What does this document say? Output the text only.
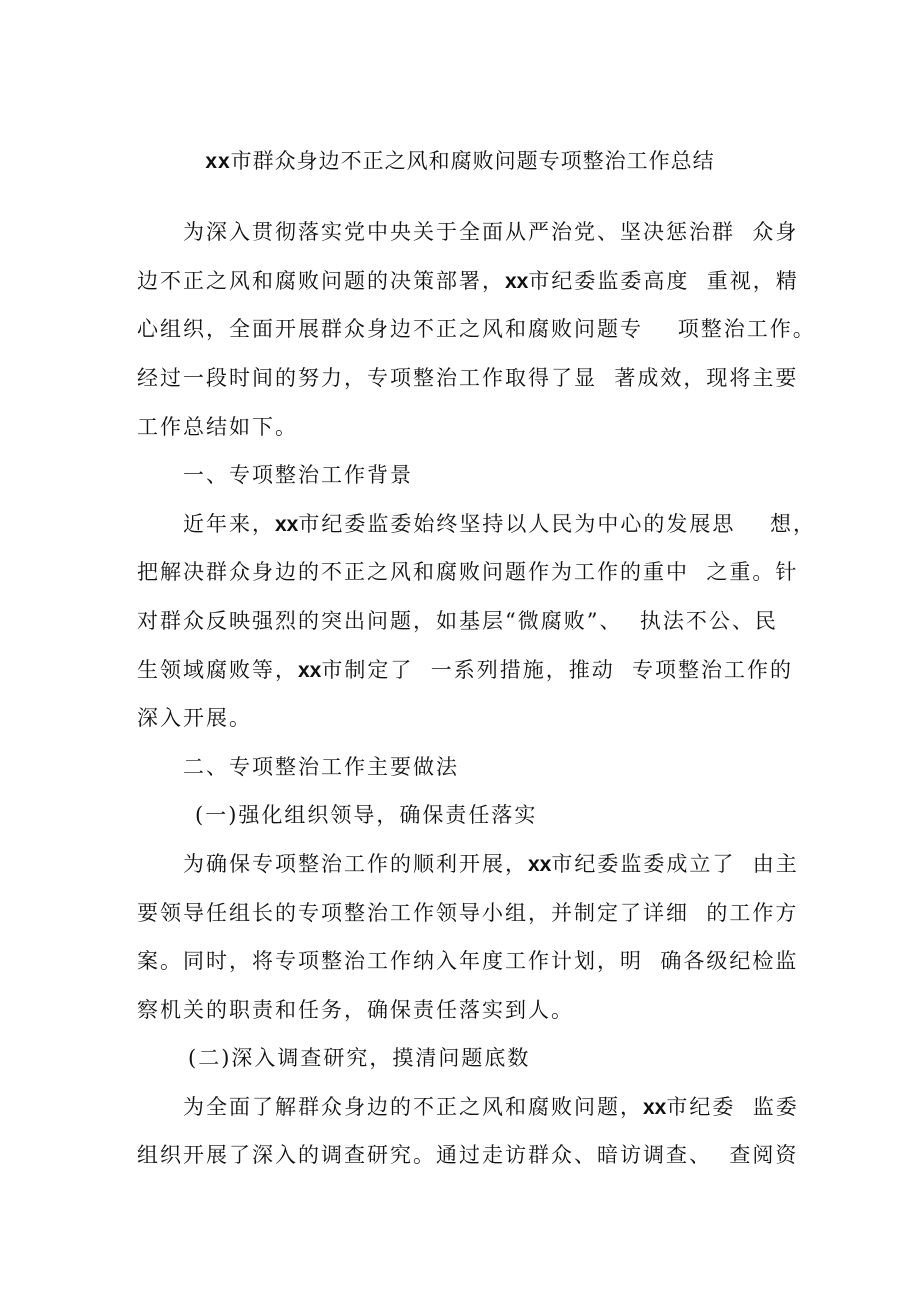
xx市群众身边不正之风和腐败问题专项整治工作总结
为深入贯彻落实党中央关于全面从严治党、坚决惩治群  众身
边不正之风和腐败问题的决策部署，xx市纪委监委高度  重视，精
心组织，全面开展群众身边不正之风和腐败问题专    项整治工作。
经过一段时间的努力，专项整治工作取得了显  著成效，现将主要
工作总结如下。
一、专项整治工作背景
近年来，xx市纪委监委始终坚持以人民为中心的发展思    想，
把解决群众身边的不正之风和腐败问题作为工作的重中  之重。针
对群众反映强烈的突出问题，如基层“微腐败”、  执法不公、民
生领域腐败等，xx市制定了  一系列措施，推动  专项整治工作的
深入开展。
二、专项整治工作主要做法
(一)强化组织领导，确保责任落实
为确保专项整治工作的顺利开展，xx市纪委监委成立了  由主
要领导任组长的专项整治工作领导小组，并制定了详细  的工作方
案。同时，将专项整治工作纳入年度工作计划，明  确各级纪检监
察机关的职责和任务，确保责任落实到人。
(二)深入调查研究，摸清问题底数
为全面了解群众身边的不正之风和腐败问题，xx市纪委  监委
组织开展了深入的调查研究。通过走访群众、暗访调查、  查阅资
